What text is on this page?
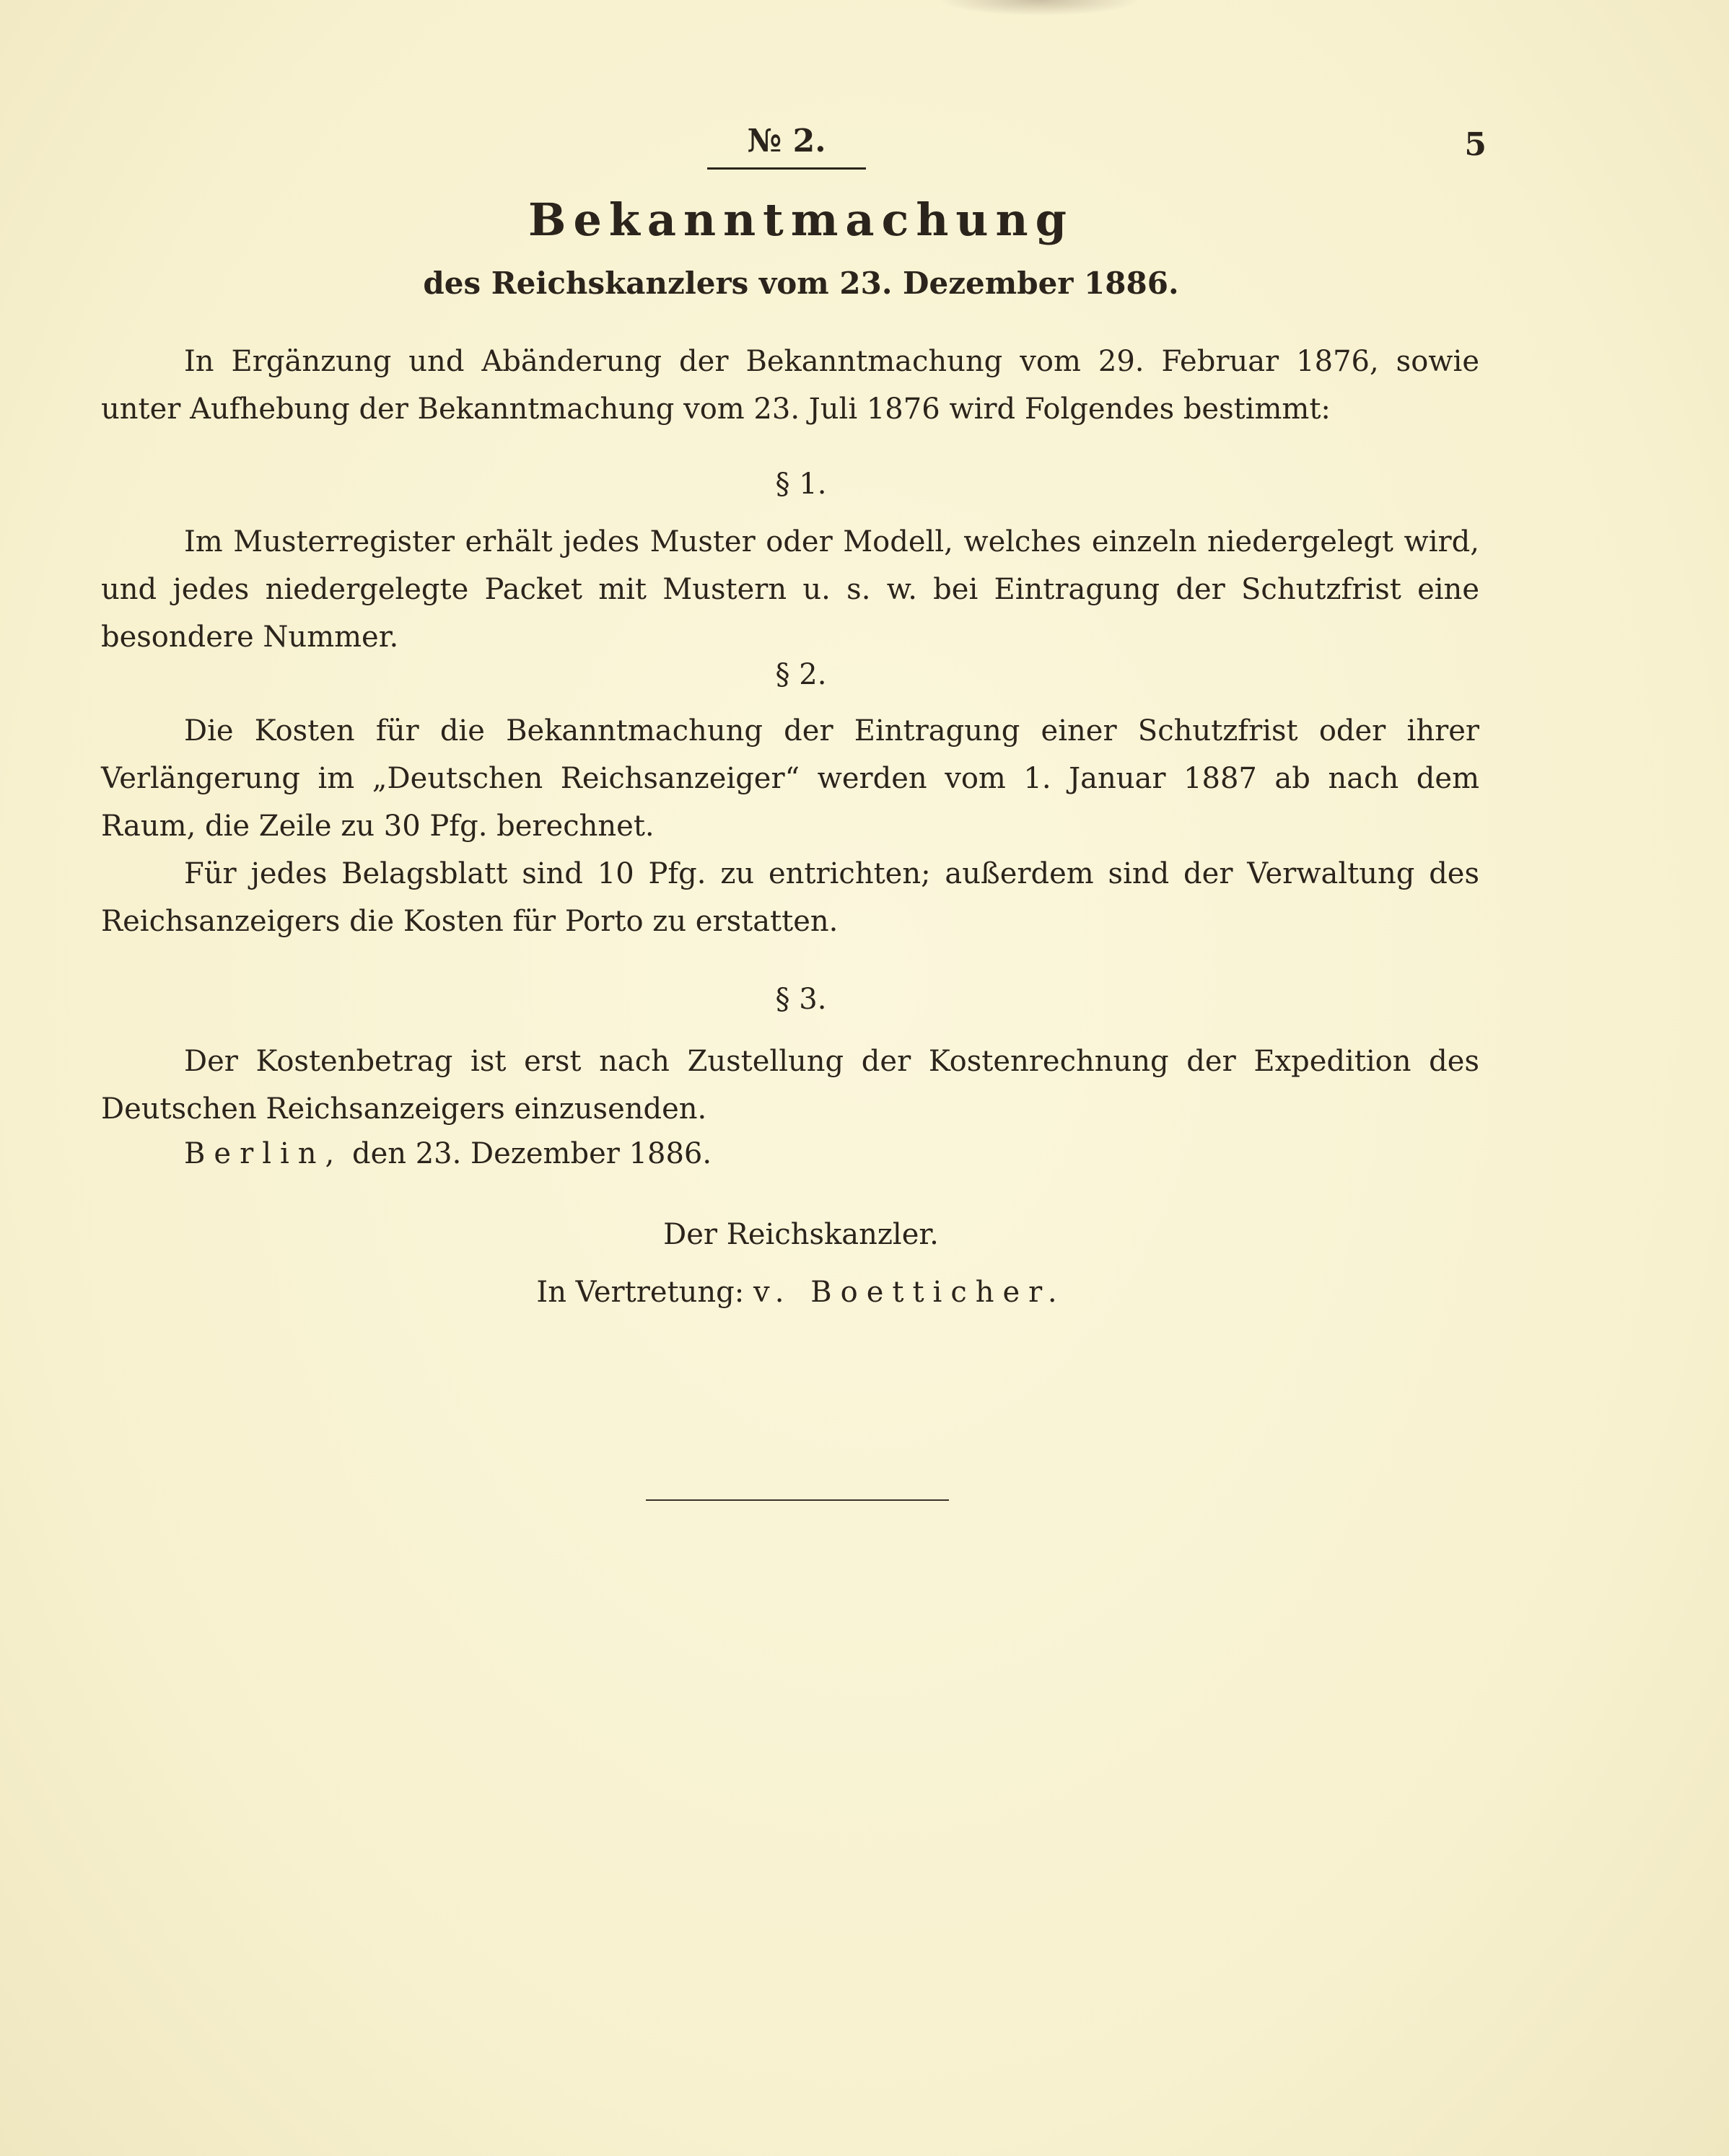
№ 2.	5
Bekanntmachung
des Reichskanzlers vom 23. Dezember 1886.

In Ergänzung und Abänderung der Bekanntmachung vom 29. Februar 1876, sowie unter Aufhebung der Bekanntmachung vom 23. Juli 1876 wird Folgendes bestimmt:

§ 1.

Im Musterregister erhält jedes Muster oder Modell, welches einzeln niedergelegt wird, und jedes niedergelegte Packet mit Mustern u. s. w. bei Eintragung der Schutzfrist eine besondere Nummer.

§ 2.

Die Kosten für die Bekanntmachung der Eintragung einer Schutzfrist oder ihrer Verlängerung im „Deutschen Reichsanzeiger“ werden vom 1. Januar 1887 ab nach dem Raum, die Zeile zu 30 Pfg. berechnet.

Für jedes Belagsblatt sind 10 Pfg. zu entrichten; außerdem sind der Verwaltung des Reichsanzeigers die Kosten für Porto zu erstatten.

§ 3.

Der Kostenbetrag ist erst nach Zustellung der Kostenrechnung der Expedition des Deutschen Reichsanzeigers einzusenden.

Berlin, den 23. Dezember 1886.
Der Reichskanzler.
In Vertretung: v. Boetticher.
